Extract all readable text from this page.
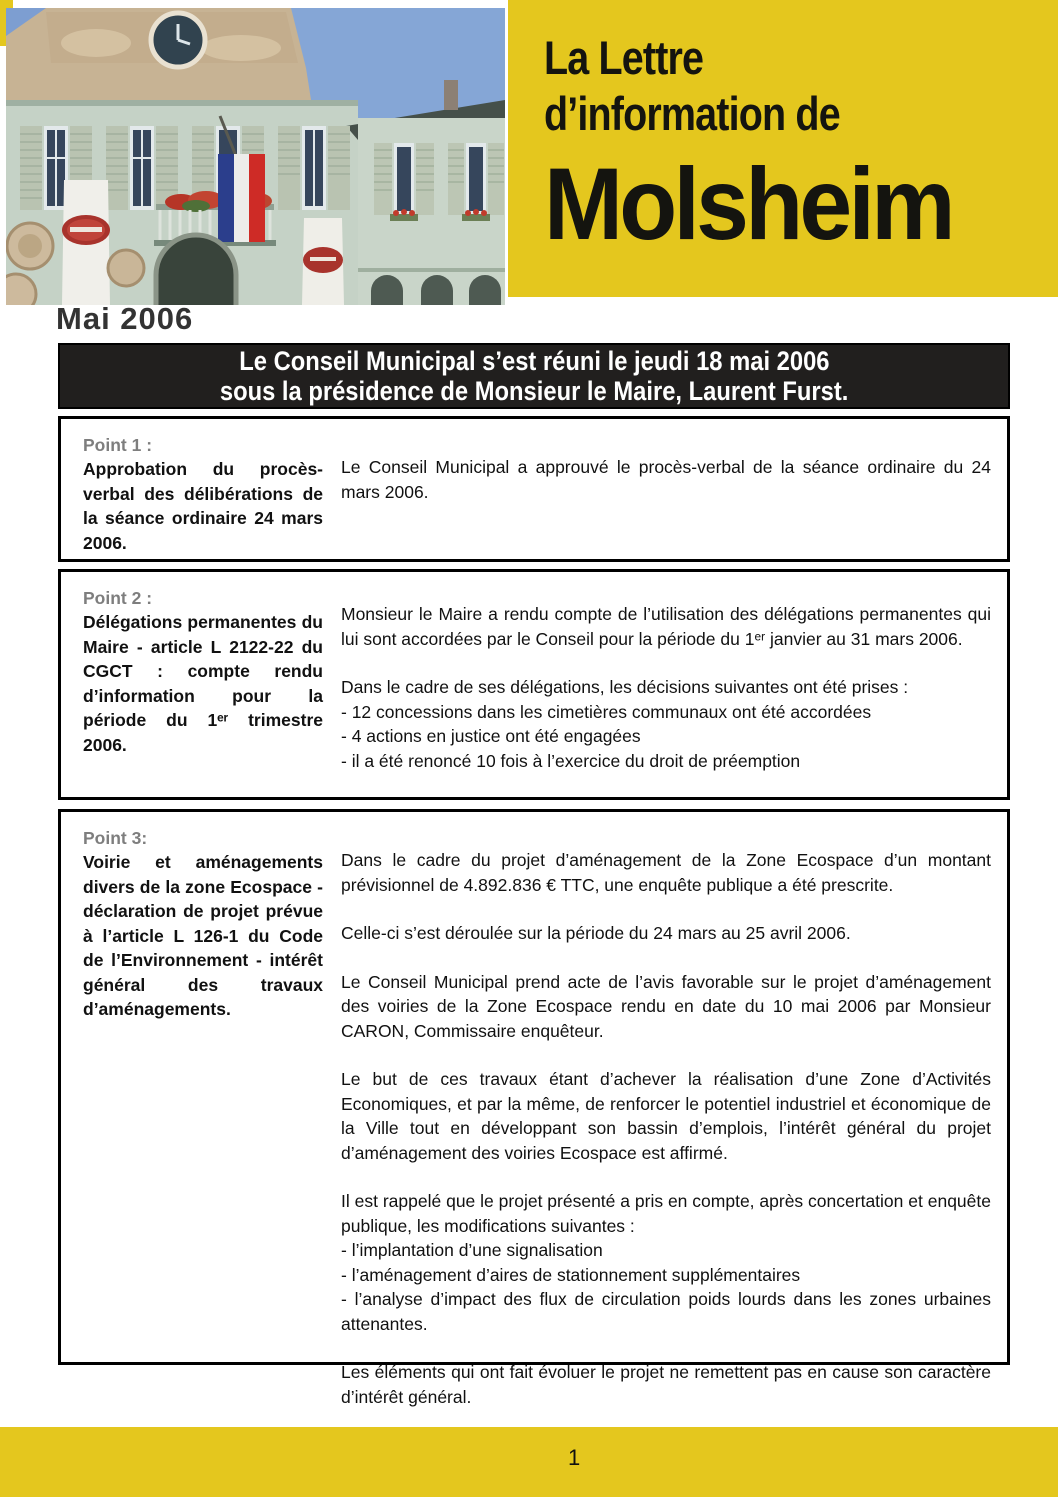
La Lettre
d’information de
Molsheim
Mai 2006
Le Conseil Municipal s’est réuni le jeudi 18 mai 2006
sous la présidence de Monsieur le Maire, Laurent Furst.
Point 1 :
Approbation du procès-verbal des délibérations de la séance ordinaire 24 mars 2006.

Le Conseil Municipal a approuvé le procès-verbal de la séance ordinaire du 24 mars 2006.

Point 2 :
Délégations permanentes du Maire - article L 2122-22 du CGCT : compte rendu d’information pour la période du 1ᵉʳ trimestre 2006.

Monsieur le Maire a rendu compte de l’utilisation des délégations permanentes qui lui sont accordées par le Conseil pour la période du 1ᵉʳ janvier au 31 mars 2006.

Dans le cadre de ses délégations, les décisions suivantes ont été prises :

- 12 concessions dans les cimetières communaux ont été accordées
- 4 actions en justice ont été engagées
- il a été renoncé 10 fois à l’exercice du droit de préemption
Point 3:
Voirie et aménagements divers de la zone Ecospace - déclaration de projet prévue à l’article L 126-1 du Code de l’Environnement - intérêt général des travaux d’aménagements.

Dans le cadre du projet d’aménagement de la Zone Ecospace d’un montant prévisionnel de 4.892.836 € TTC, une enquête publique a été prescrite.

Celle-ci s’est déroulée sur la période du 24 mars au 25 avril 2006.

Le Conseil Municipal prend acte de l’avis favorable sur le projet d’aménagement des voiries de la Zone Ecospace rendu en date du 10 mai 2006 par Monsieur CARON, Commissaire enquêteur.

Le but de ces travaux étant d’achever la réalisation d’une Zone d’Activités Economiques, et par la même, de renforcer le potentiel industriel et économique de la Ville tout en développant son bassin d’emplois, l’intérêt général du projet d’aménagement des voiries Ecospace est affirmé.

Il est rappelé que le projet présenté a pris en compte, après concertation et enquête publique, les modifications suivantes :

- l’implantation d’une signalisation
- l’aménagement d’aires de stationnement supplémentaires
- l’analyse d’impact des flux de circulation poids lourds dans les zones urbaines attenantes.

Les éléments qui ont fait évoluer le projet ne remettent pas en cause son caractère d’intérêt général.

1
